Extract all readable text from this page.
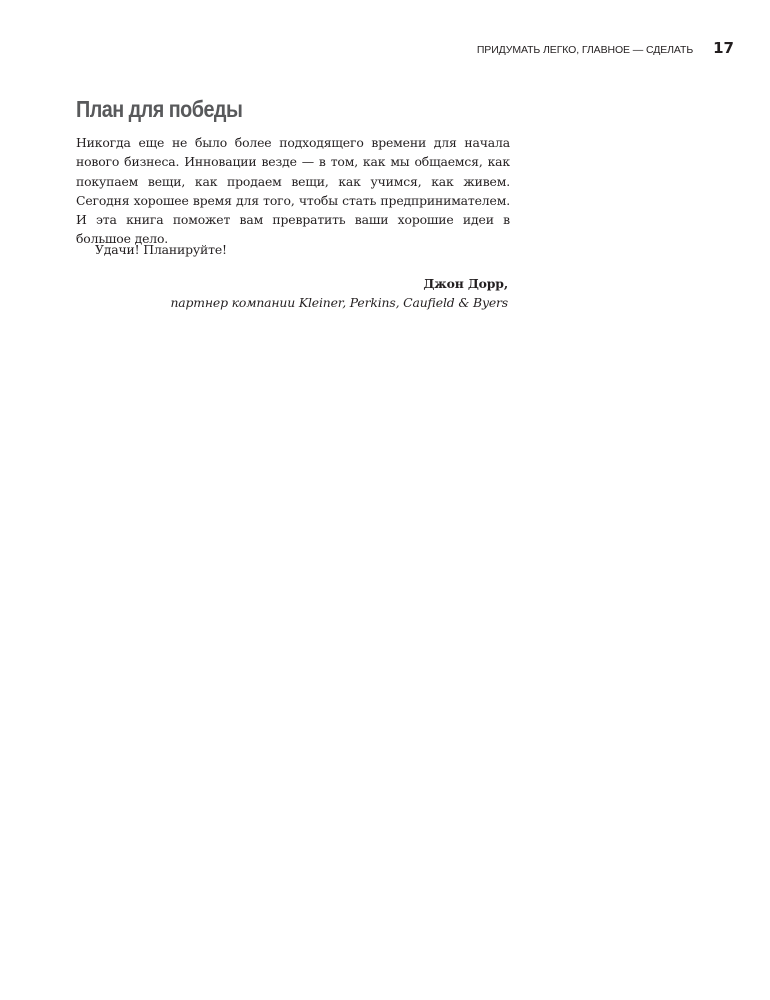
ПРИДУМАТЬ ЛЕГКО, ГЛАВНОЕ — СДЕЛАТЬ 17
План для победы

Никогда еще не было более подходящего времени для начала нового бизнеса. Инновации везде — в том, как мы общаемся, как покупаем вещи, как продаем вещи, как учимся, как живем. Сегодня хорошее время для того, чтобы стать предпринимателем. И эта книга поможет вам превратить ваши хорошие идеи в большое дело.

Удачи! Планируйте!

Джон Дорр,
партнер компании Kleiner, Perkins, Caufield & Byers
